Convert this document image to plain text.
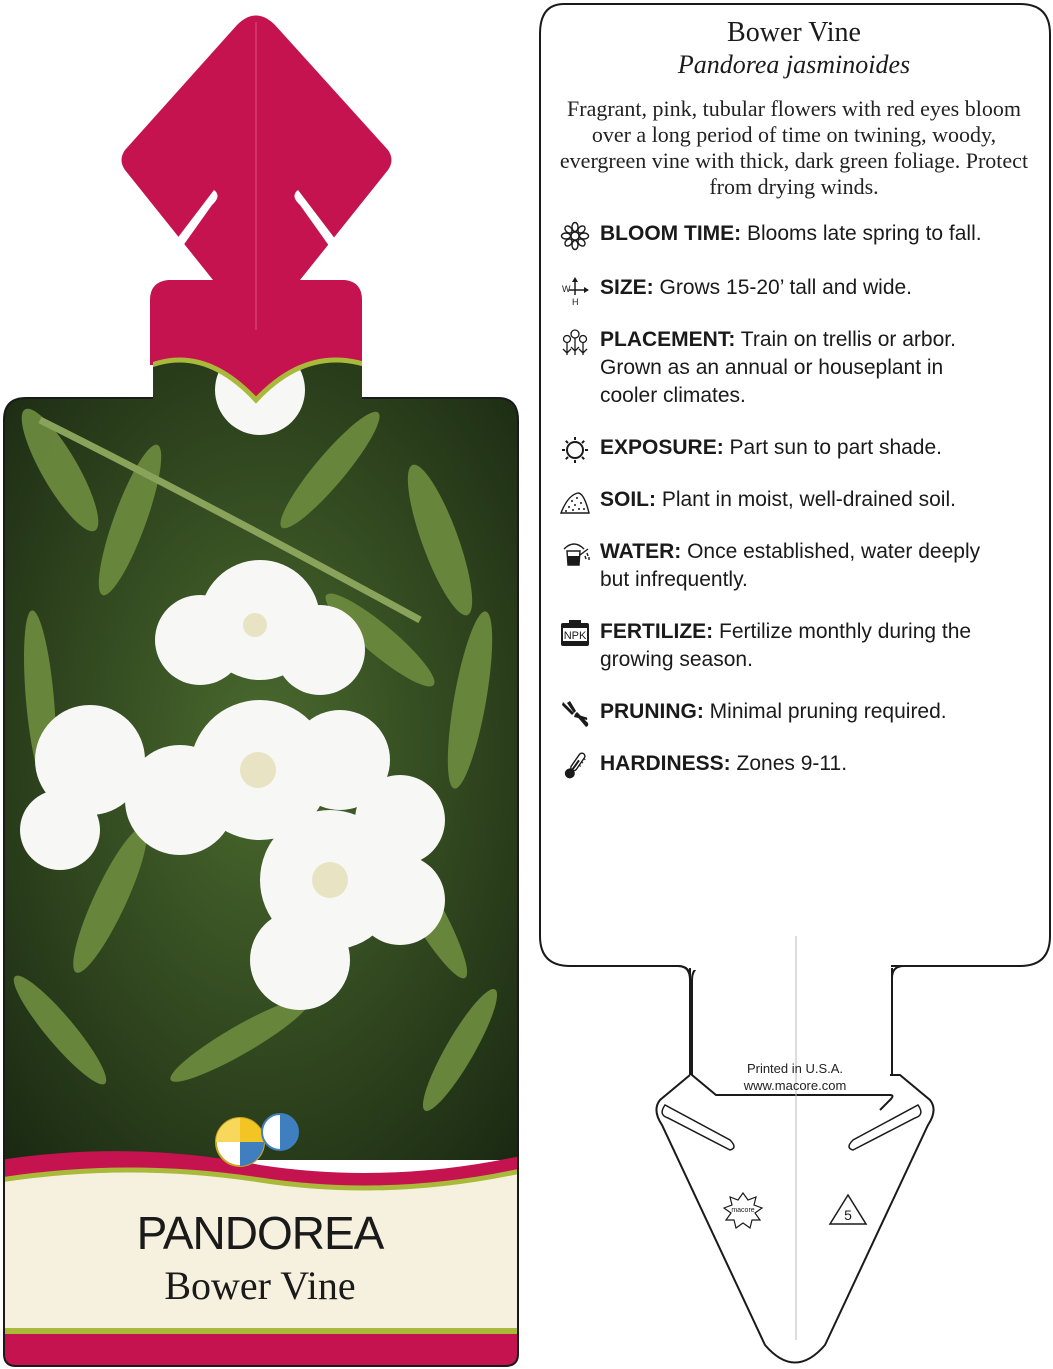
PANDOREA
Bower Vine
macore	5
Bower Vine
Pandorea jasminoides
Fragrant, pink, tubular flowers with red eyes bloom over a long period of time on twining, woody, evergreen vine with thick, dark green foliage. Protect from drying winds.
BLOOM TIME: Blooms late spring to fall.
W
H
SIZE: Grows 15-20’ tall and wide.
PLACEMENT: Train on trellis or arbor.
Grown as an annual or houseplant in cooler climates.
EXPOSURE: Part sun to part shade.
SOIL: Plant in moist, well-drained soil.
WATER: Once established, water deeply
but infrequently.
NPK FERTILIZE: Fertilize monthly during the
growing season.
PRUNING: Minimal pruning required.
HARDINESS: Zones 9-11.
Printed in U.S.A.
www.macore.com
